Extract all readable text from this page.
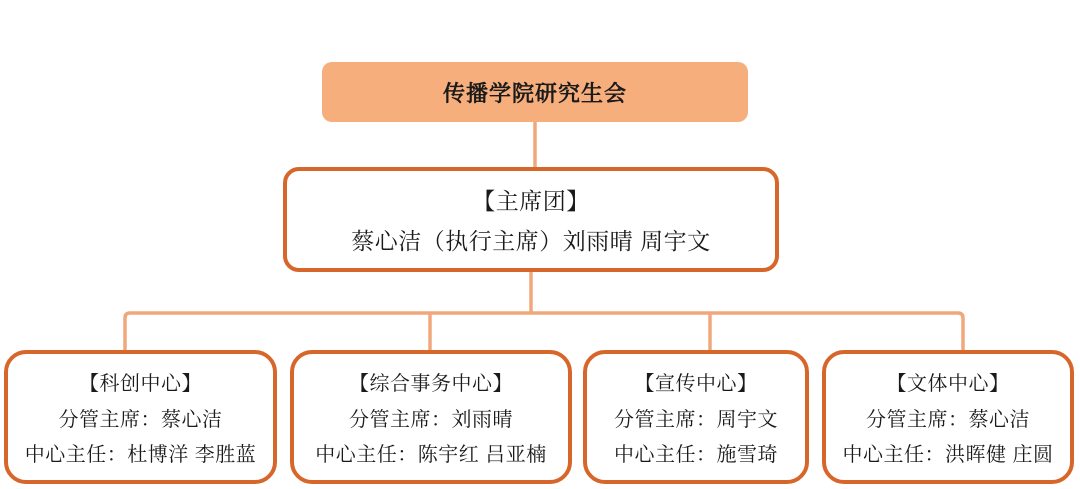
传播学院研究生会
【主席团】
蔡心洁（执行主席）刘雨晴 周宇文
【科创中心】
分管主席：蔡心洁
中心主任：杜博洋 李胜蓝
【综合事务中心】
分管主席：刘雨晴
中心主任：陈宇红 吕亚楠
【宣传中心】
分管主席：周宇文
中心主任：施雪琦
【文体中心】
分管主席：蔡心洁
中心主任：洪晖健 庄圆
